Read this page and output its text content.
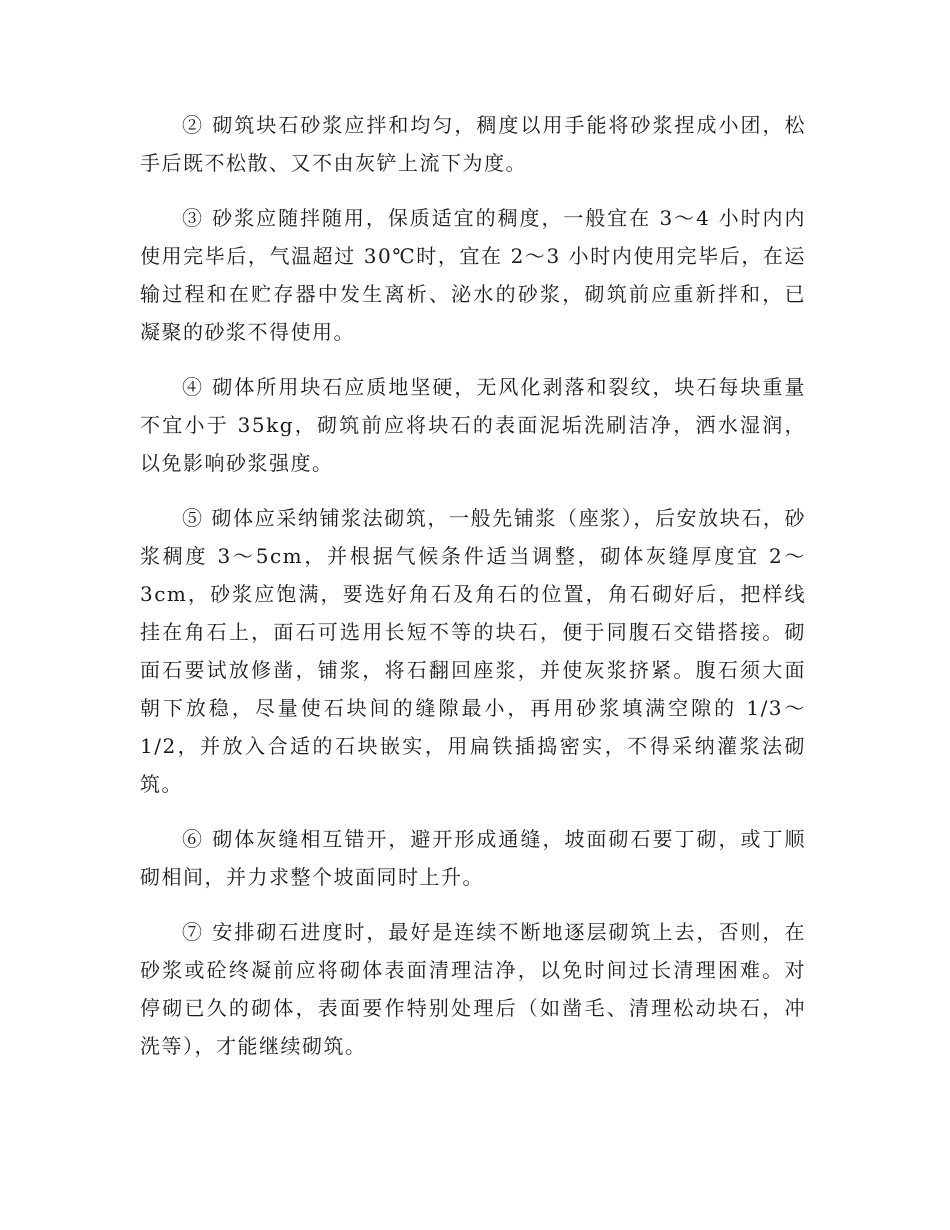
② 砌筑块石砂浆应拌和均匀，稠度以用手能将砂浆捏成小团，松手后既不松散、又不由灰铲上流下为度。

③ 砂浆应随拌随用，保质适宜的稠度，一般宜在 3～4 小时内内使用完毕后，气温超过 30℃时，宜在 2～3 小时内使用完毕后，在运输过程和在贮存器中发生离析、泌水的砂浆，砌筑前应重新拌和，已凝聚的砂浆不得使用。

④ 砌体所用块石应质地坚硬，无风化剥落和裂纹，块石每块重量不宜小于 35kg，砌筑前应将块石的表面泥垢洗刷洁净，洒水湿润，以免影响砂浆强度。

⑤ 砌体应采纳铺浆法砌筑，一般先铺浆（座浆），后安放块石，砂浆稠度 3～5cm，并根据气候条件适当调整，砌体灰缝厚度宜 2～3cm，砂浆应饱满，要选好角石及角石的位置，角石砌好后，把样线挂在角石上，面石可选用长短不等的块石，便于同腹石交错搭接。砌面石要试放修凿，铺浆，将石翻回座浆，并使灰浆挤紧。腹石须大面朝下放稳，尽量使石块间的缝隙最小，再用砂浆填满空隙的 1/3～1/2，并放入合适的石块嵌实，用扁铁插捣密实，不得采纳灌浆法砌筑。

⑥ 砌体灰缝相互错开，避开形成通缝，坡面砌石要丁砌，或丁顺砌相间，并力求整个坡面同时上升。

⑦ 安排砌石进度时，最好是连续不断地逐层砌筑上去，否则，在砂浆或砼终凝前应将砌体表面清理洁净，以免时间过长清理困难。对停砌已久的砌体，表面要作特别处理后（如凿毛、清理松动块石，冲洗等），才能继续砌筑。
